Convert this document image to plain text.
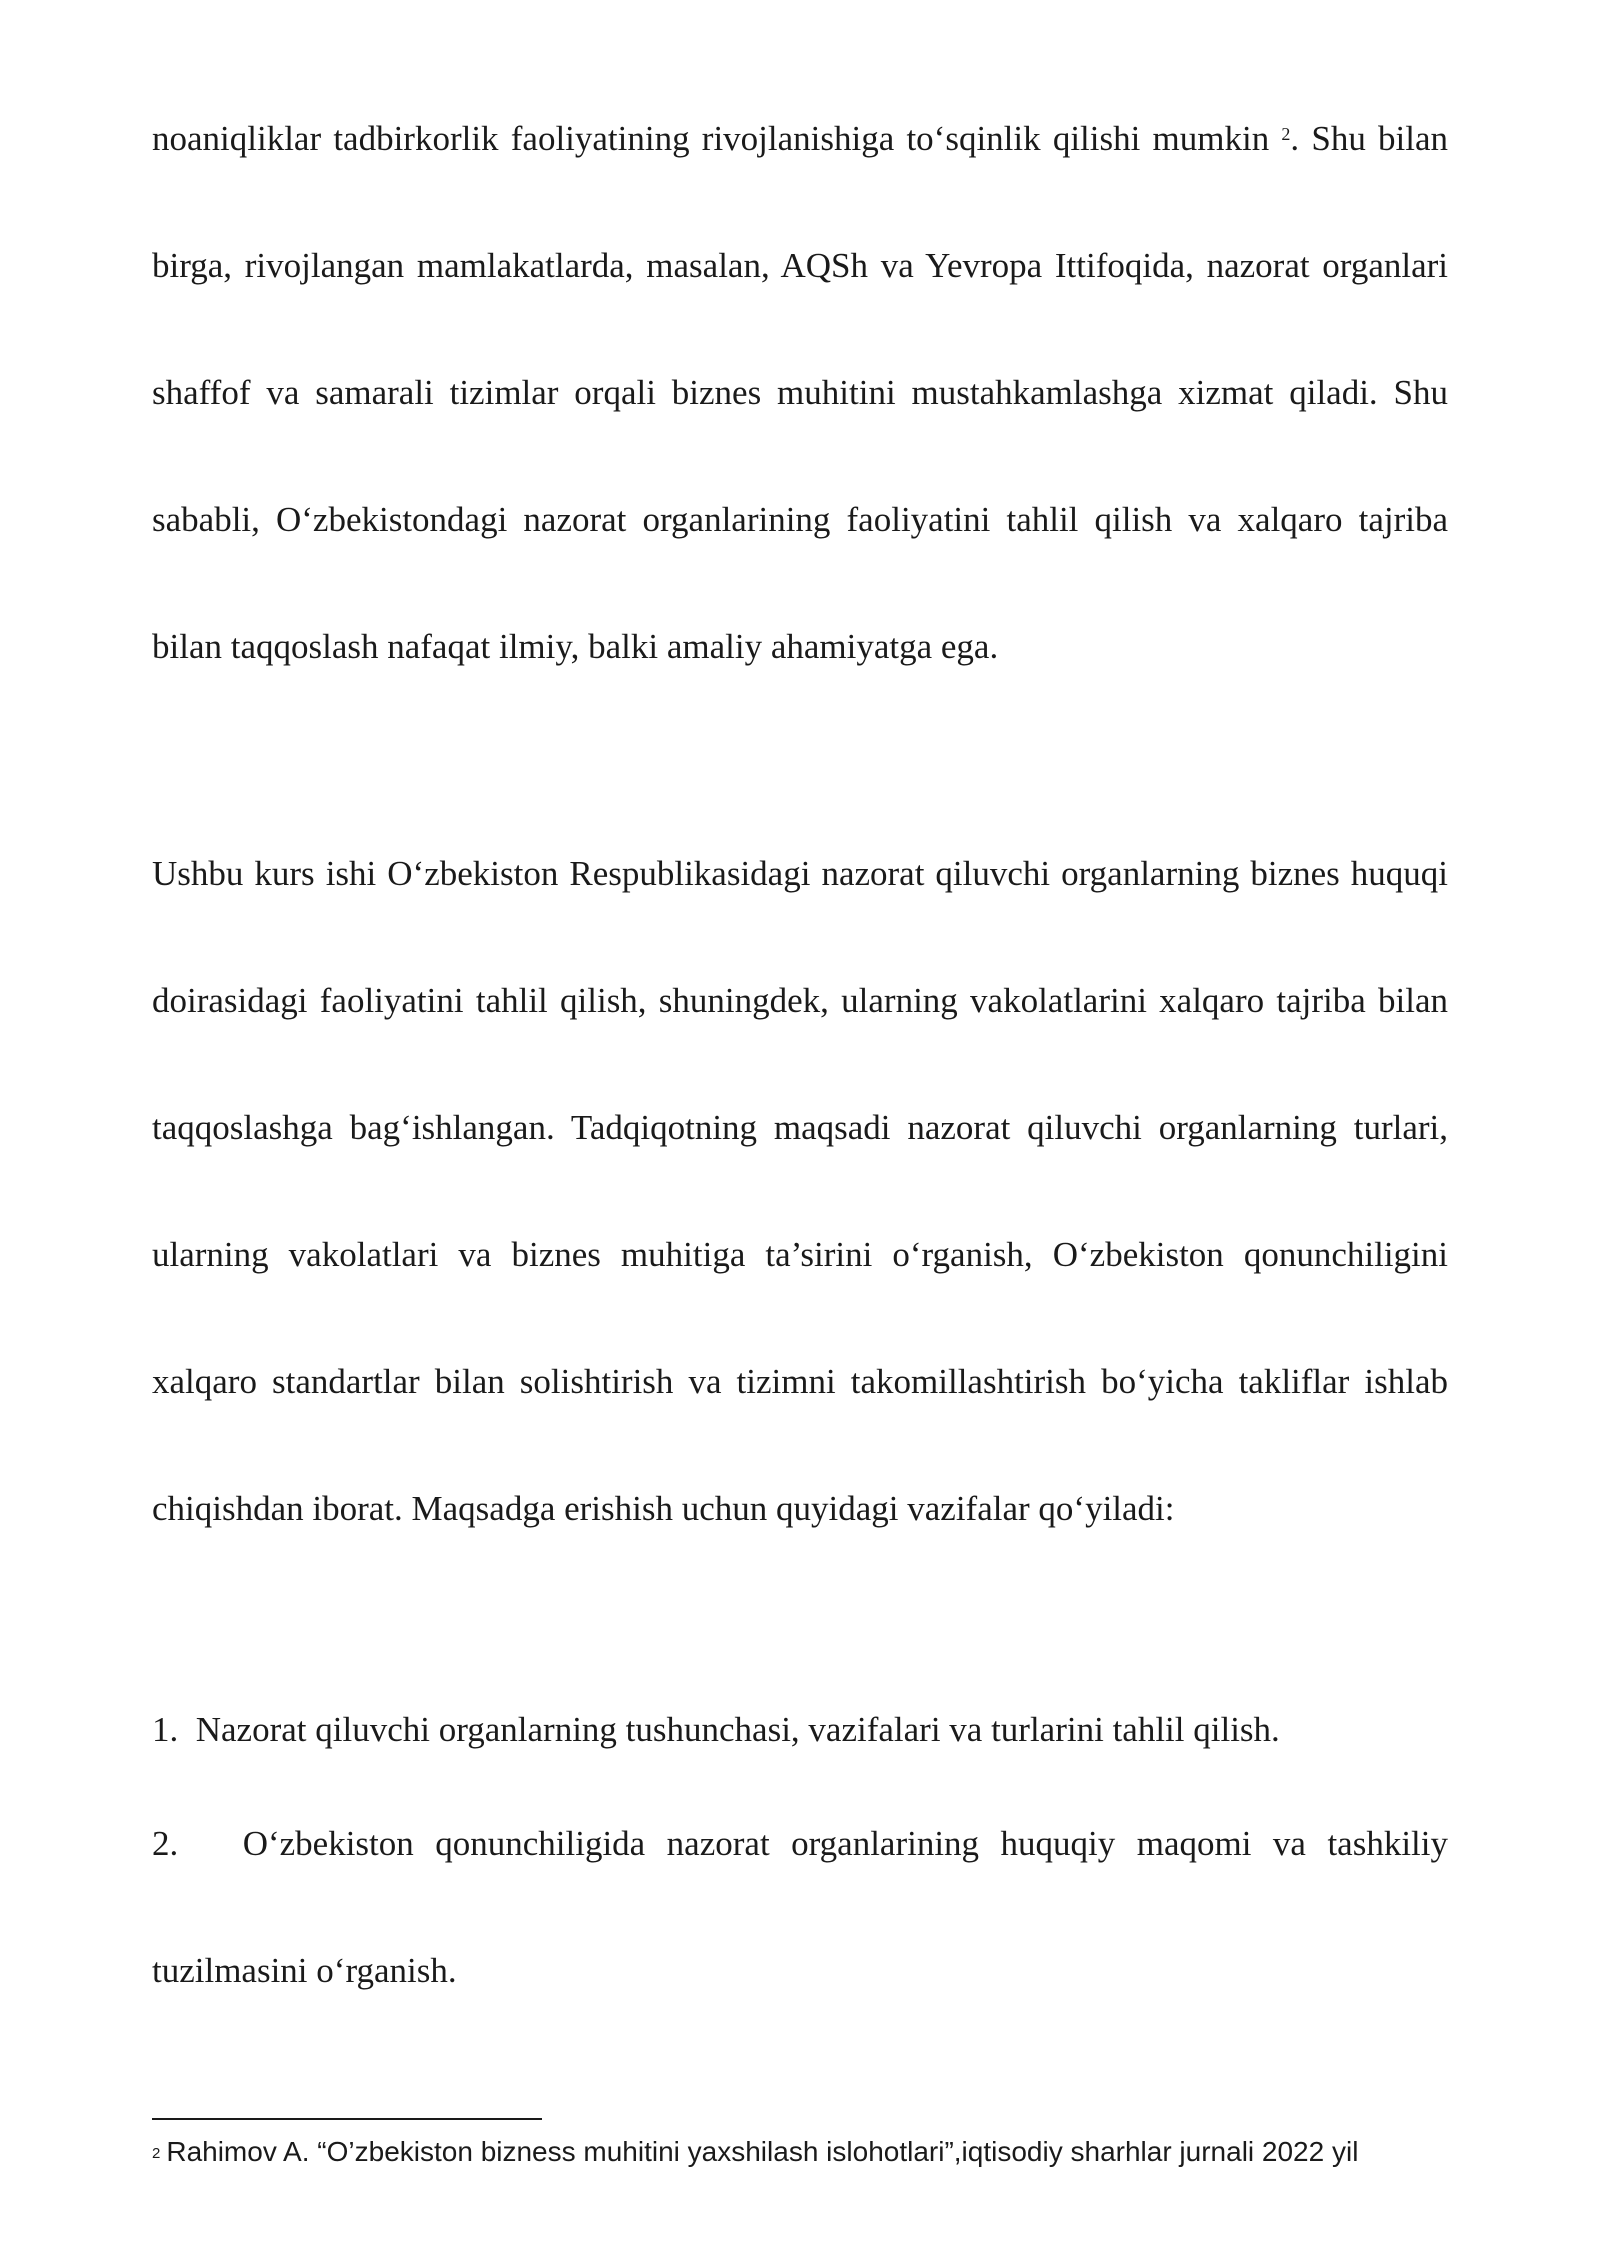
noaniqliklar tadbirkorlik faoliyatining rivojlanishiga to‘sqinlik qilishi mumkin $^2$. Shu bilan birga, rivojlangan mamlakatlarda, masalan, AQSh va Yevropa Ittifoqida, nazorat organlari shaffof va samarali tizimlar orqali biznes muhitini mustahkamlashga xizmat qiladi. Shu sababli, O‘zbekistondagi nazorat organlarining faoliyatini tahlil qilish va xalqaro tajriba bilan taqqoslash nafaqat ilmiy, balki amaliy ahamiyatga ega.

Ushbu kurs ishi O‘zbekiston Respublikasidagi nazorat qiluvchi organlarning biznes huquqi doirasidagi faoliyatini tahlil qilish, shuningdek, ularning vakolatlarini xalqaro tajriba bilan taqqoslashga bag‘ishlangan. Tadqiqotning maqsadi nazorat qiluvchi organlarning turlari, ularning vakolatlari va biznes muhitiga ta’sirini o‘rganish, O‘zbekiston qonunchiligini xalqaro standartlar bilan solishtirish va tizimni takomillashtirish bo‘yicha takliflar ishlab chiqishdan iborat. Maqsadga erishish uchun quyidagi vazifalar qo‘yiladi:

1. Nazorat qiluvchi organlarning tushunchasi, vazifalari va turlarini tahlil qilish.

2. O‘zbekiston qonunchiligida nazorat organlarining huquqiy maqomi va tashkiliy tuzilmasini o‘rganish.

$^2$ Rahimov A. “O’zbekiston bizness muhitini yaxshilash islohotlari”,iqtisodiy sharhlar jurnali 2022 yil
